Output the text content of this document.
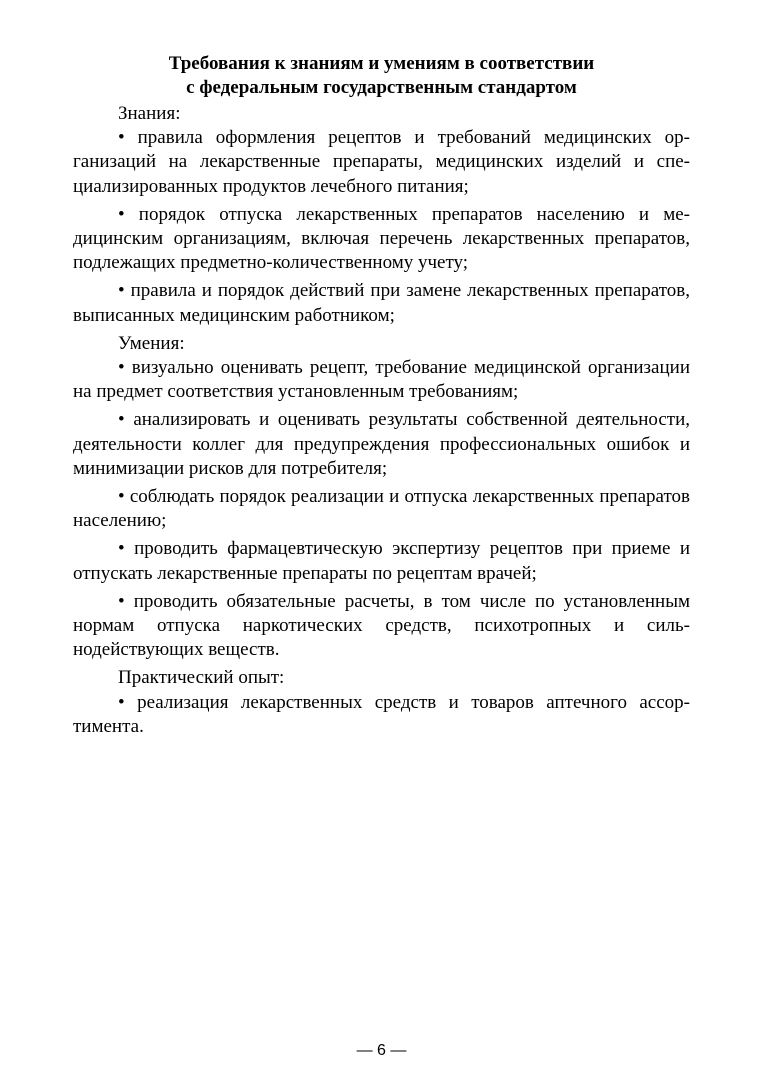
Требования к знаниям и умениям в соответствии
с федеральным государственным стандартом

Знания:

• правила оформления рецептов и требований медицинских организаций на лекарственные препараты, медицинских изделий и специализированных продуктов лечебного питания;

• порядок отпуска лекарственных препаратов населению и медицинским организациям, включая перечень лекарственных препаратов, подлежащих предметно-количественному учету;

• правила и порядок действий при замене лекарственных препаратов, выписанных медицинским работником;

Умения:

• визуально оценивать рецепт, требование медицинской организации на предмет соответствия установленным требованиям;

• анализировать и оценивать результаты собственной деятельности, деятельности коллег для предупреждения профессиональных ошибок и минимизации рисков для потребителя;

• соблюдать порядок реализации и отпуска лекарственных препаратов населению;

• проводить фармацевтическую экспертизу рецептов при приеме и отпускать лекарственные препараты по рецептам врачей;

• проводить обязательные расчеты, в том числе по установленным нормам отпуска наркотических средств, психотропных и сильнодействующих веществ.

Практический опыт:

• реализация лекарственных средств и товаров аптечного ассортимента.

— 6 —
